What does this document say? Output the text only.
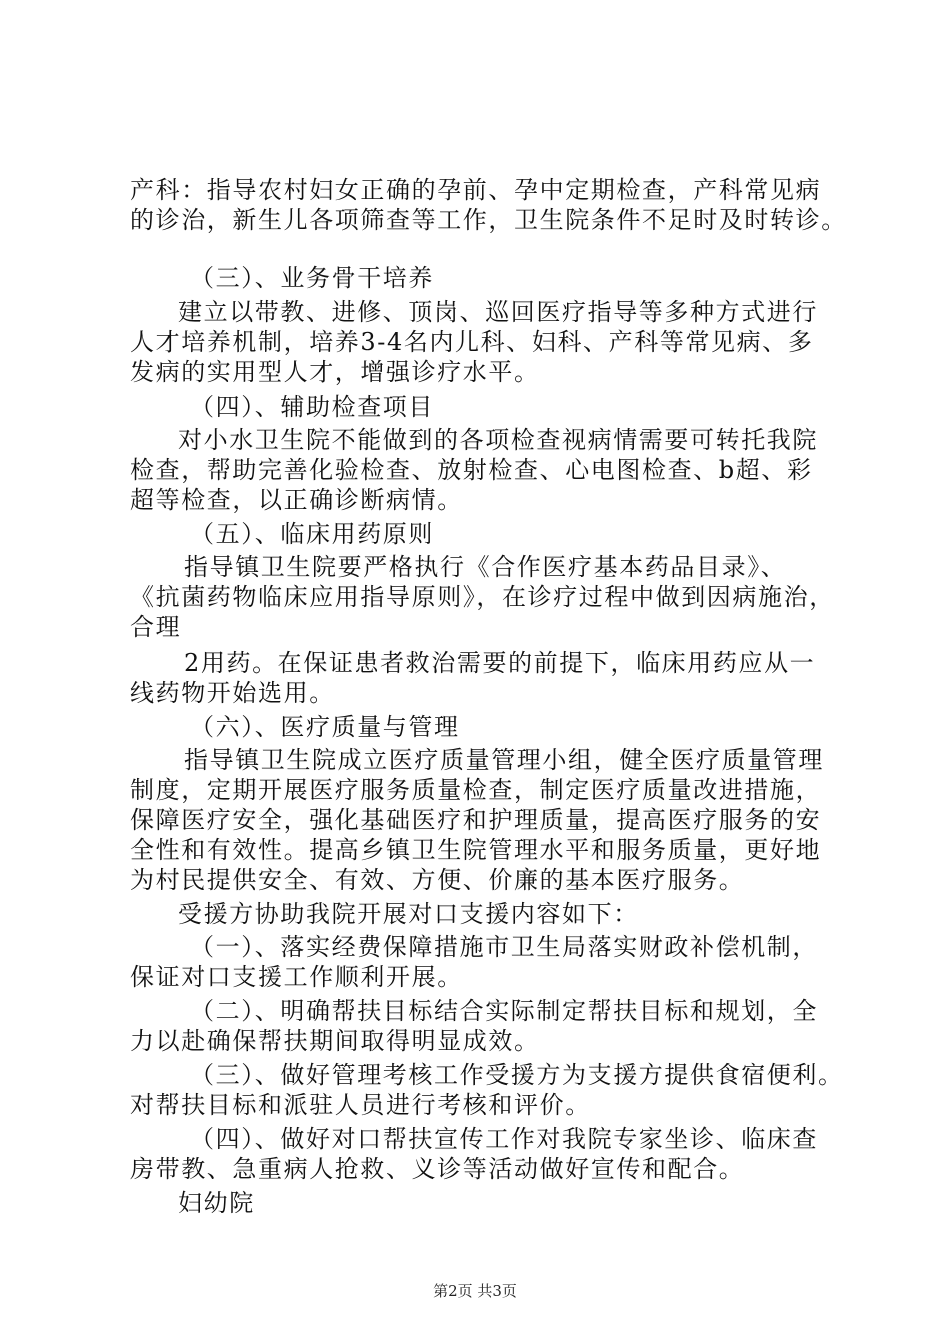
产科：指导农村妇女正确的孕前、孕中定期检查，产科常见病
的诊治，新生儿各项筛查等工作，卫生院条件不足时及时转诊。
（三）、业务骨干培养
建立以带教、进修、顶岗、巡回医疗指导等多种方式进行
人才培养机制，培养3-4名内儿科、妇科、产科等常见病、多
发病的实用型人才，增强诊疗水平。
（四）、辅助检查项目
对小水卫生院不能做到的各项检查视病情需要可转托我院
检查，帮助完善化验检查、放射检查、心电图检查、b超、彩
超等检查，以正确诊断病情。
（五）、临床用药原则
指导镇卫生院要严格执行《合作医疗基本药品目录》、
《抗菌药物临床应用指导原则》，在诊疗过程中做到因病施治，
合理
2用药。在保证患者救治需要的前提下，临床用药应从一
线药物开始选用。
（六）、医疗质量与管理
指导镇卫生院成立医疗质量管理小组，健全医疗质量管理
制度，定期开展医疗服务质量检查，制定医疗质量改进措施，
保障医疗安全，强化基础医疗和护理质量，提高医疗服务的安
全性和有效性。提高乡镇卫生院管理水平和服务质量，更好地
为村民提供安全、有效、方便、价廉的基本医疗服务。
受援方协助我院开展对口支援内容如下：
（一）、落实经费保障措施市卫生局落实财政补偿机制，
保证对口支援工作顺利开展。
（二）、明确帮扶目标结合实际制定帮扶目标和规划，全
力以赴确保帮扶期间取得明显成效。
（三）、做好管理考核工作受援方为支援方提供食宿便利。
对帮扶目标和派驻人员进行考核和评价。
（四）、做好对口帮扶宣传工作对我院专家坐诊、临床查
房带教、急重病人抢救、义诊等活动做好宣传和配合。
妇幼院
第2页 共3页
